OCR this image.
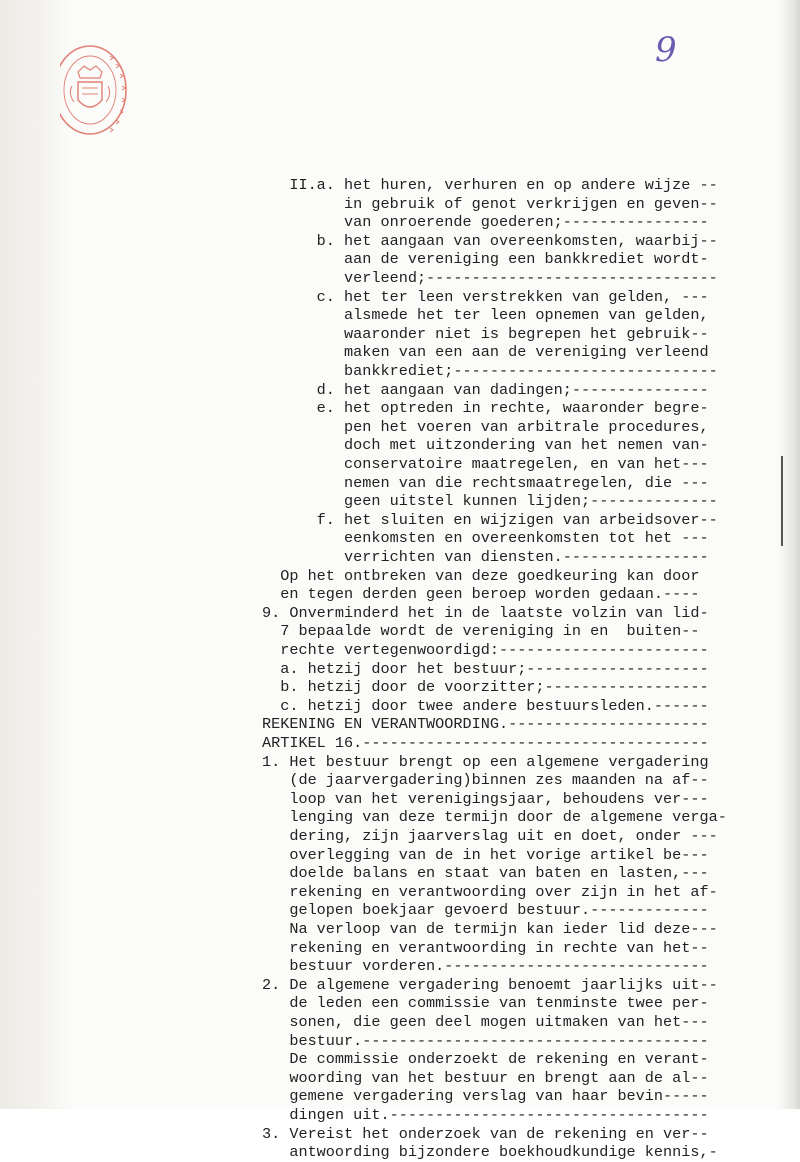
9
II.a. het huren, verhuren en op andere wijze --
in gebruik of genot verkrijgen en geven--
van onroerende goederen;----------------
b. het aangaan van overeenkomsten, waarbij--
aan de vereniging een bankkrediet wordt-
verleend;--------------------------------
c. het ter leen verstrekken van gelden, ---
alsmede het ter leen opnemen van gelden,
waaronder niet is begrepen het gebruik--
maken van een aan de vereniging verleend
bankkrediet;-----------------------------
d. het aangaan van dadingen;---------------
e. het optreden in rechte, waaronder begre-
pen het voeren van arbitrale procedures,
doch met uitzondering van het nemen van-
conservatoire maatregelen, en van het---
nemen van die rechtsmaatregelen, die ---
geen uitstel kunnen lijden;--------------
f. het sluiten en wijzigen van arbeidsover--
eenkomsten en overeenkomsten tot het ---
verrichten van diensten.----------------
Op het ontbreken van deze goedkeuring kan door
en tegen derden geen beroep worden gedaan.----
9. Onverminderd het in de laatste volzin van lid-
7 bepaalde wordt de vereniging in en  buiten--
rechte vertegenwoordigd:-----------------------
a. hetzij door het bestuur;--------------------
b. hetzij door de voorzitter;------------------
c. hetzij door twee andere bestuursleden.------
REKENING EN VERANTWOORDING.----------------------
ARTIKEL 16.--------------------------------------
1. Het bestuur brengt op een algemene vergadering
(de jaarvergadering)binnen zes maanden na af--
loop van het verenigingsjaar, behoudens ver---
lenging van deze termijn door de algemene verga-
dering, zijn jaarverslag uit en doet, onder ---
overlegging van de in het vorige artikel be---
doelde balans en staat van baten en lasten,---
rekening en verantwoording over zijn in het af-
gelopen boekjaar gevoerd bestuur.-------------
Na verloop van de termijn kan ieder lid deze---
rekening en verantwoording in rechte van het--
bestuur vorderen.-----------------------------
2. De algemene vergadering benoemt jaarlijks uit--
de leden een commissie van tenminste twee per-
sonen, die geen deel mogen uitmaken van het---
bestuur.--------------------------------------
De commissie onderzoekt de rekening en verant-
woording van het bestuur en brengt aan de al--
gemene vergadering verslag van haar bevin-----
dingen uit.-----------------------------------
3. Vereist het onderzoek van de rekening en ver--
antwoording bijzondere boekhoudkundige kennis,-
